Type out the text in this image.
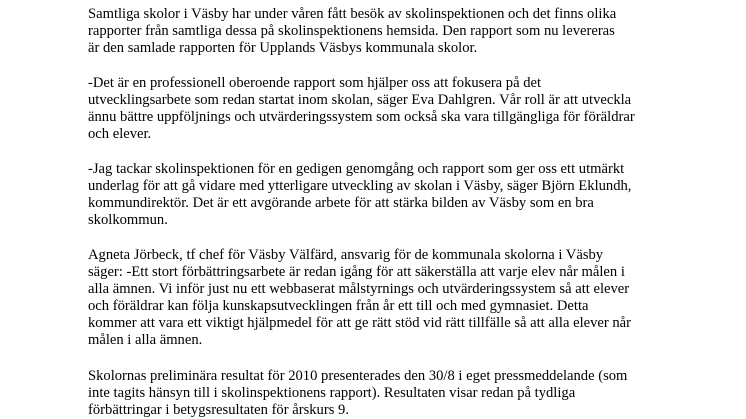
Samtliga skolor i Väsby har under våren fått besök av skolinspektionen och det finns olika
rapporter från samtliga dessa på skolinspektionens hemsida. Den rapport som nu levereras
är den samlade rapporten för Upplands Väsbys kommunala skolor.

-Det är en professionell oberoende rapport som hjälper oss att fokusera på det
utvecklingsarbete som redan startat inom skolan, säger Eva Dahlgren. Vår roll är att utveckla
ännu bättre uppföljnings och utvärderingssystem som också ska vara tillgängliga för föräldrar
och elever.

-Jag tackar skolinspektionen för en gedigen genomgång och rapport som ger oss ett utmärkt
underlag för att gå vidare med ytterligare utveckling av skolan i Väsby, säger Björn Eklundh,
kommundirektör. Det är ett avgörande arbete för att stärka bilden av Väsby som en bra
skolkommun.

Agneta Jörbeck, tf chef för Väsby Välfärd, ansvarig för de kommunala skolorna i Väsby
säger: -Ett stort förbättringsarbete är redan igång för att säkerställa att varje elev når målen i
alla ämnen. Vi inför just nu ett webbaserat målstyrnings och utvärderingssystem så att elever
och föräldrar kan följa kunskapsutvecklingen från år ett till och med gymnasiet. Detta
kommer att vara ett viktigt hjälpmedel för att ge rätt stöd vid rätt tillfälle så att alla elever når
målen i alla ämnen.

Skolornas preliminära resultat för 2010 presenterades den 30/8 i eget pressmeddelande (som
inte tagits hänsyn till i skolinspektionens rapport). Resultaten visar redan på tydliga
förbättringar i betygsresultaten för årskurs 9.
